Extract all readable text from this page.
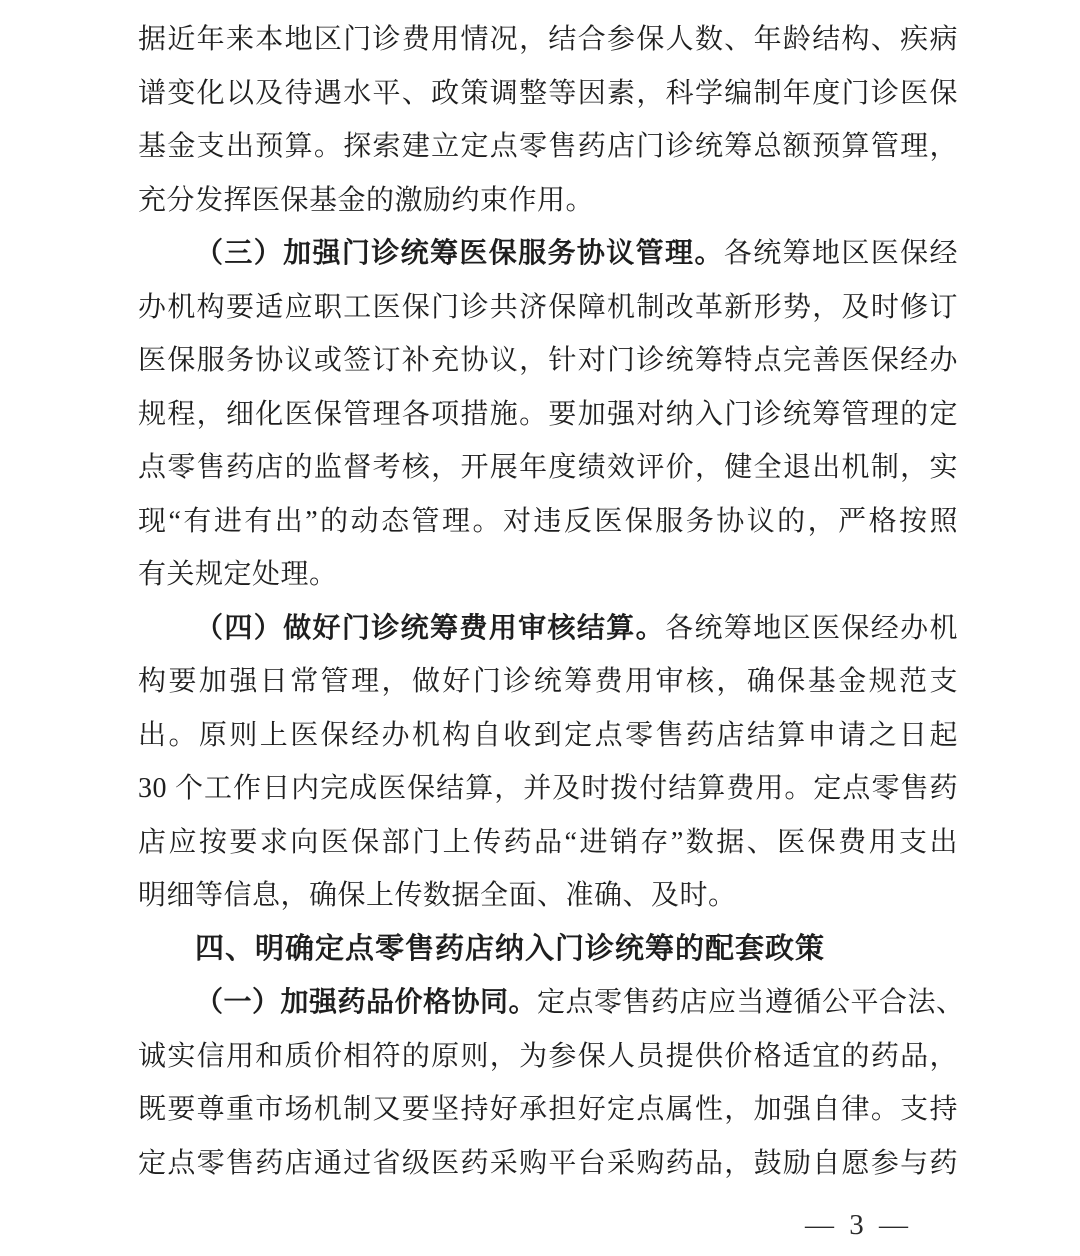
据近年来本地区门诊费用情况，结合参保人数、年龄结构、疾病
谱变化以及待遇水平、政策调整等因素，科学编制年度门诊医保
基金支出预算。探索建立定点零售药店门诊统筹总额预算管理，
充分发挥医保基金的激励约束作用。
（三）加强门诊统筹医保服务协议管理。各统筹地区医保经
办机构要适应职工医保门诊共济保障机制改革新形势，及时修订
医保服务协议或签订补充协议，针对门诊统筹特点完善医保经办
规程，细化医保管理各项措施。要加强对纳入门诊统筹管理的定
点零售药店的监督考核，开展年度绩效评价，健全退出机制，实
现“有进有出”的动态管理。对违反医保服务协议的，严格按照
有关规定处理。
（四）做好门诊统筹费用审核结算。各统筹地区医保经办机
构要加强日常管理，做好门诊统筹费用审核，确保基金规范支
出。原则上医保经办机构自收到定点零售药店结算申请之日起
30 个工作日内完成医保结算，并及时拨付结算费用。定点零售药
店应按要求向医保部门上传药品“进销存”数据、医保费用支出
明细等信息，确保上传数据全面、准确、及时。
四、明确定点零售药店纳入门诊统筹的配套政策
（一）加强药品价格协同。定点零售药店应当遵循公平合法、
诚实信用和质价相符的原则，为参保人员提供价格适宜的药品，
既要尊重市场机制又要坚持好承担好定点属性，加强自律。支持
定点零售药店通过省级医药采购平台采购药品，鼓励自愿参与药
— 3 —
